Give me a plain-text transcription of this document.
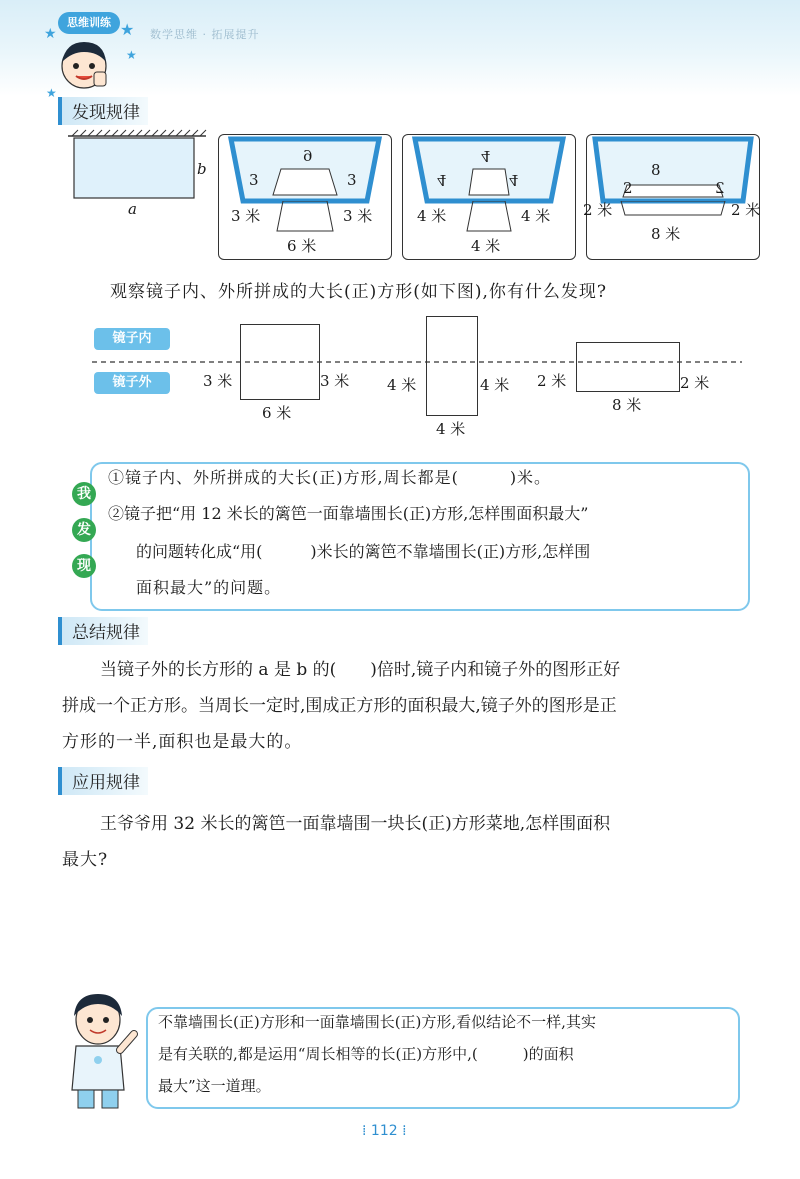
思维训练
数学思维 · 拓展提升
★	★
★
★
发现规律
b
a
6
3	3
3 米	3 米
6 米
4
4	4
4 米	4 米
4 米
8
2	2
2 米	2 米
8 米
观察镜子内、外所拼成的大长(正)方形(如下图),你有什么发现?
镜子内
镜子外	3 米	3 米
6 米
4 米	4 米
4 米
2 米	2 米
8 米
我
发
现
①镜子内、外所拼成的大长(正)方形,周长都是(　　　)米。
②镜子把“用 12 米长的篱笆一面靠墙围长(正)方形,怎样围面积最大”
的问题转化成“用(　　　)米长的篱笆不靠墙围长(正)方形,怎样围
面积最大”的问题。
总结规律
当镜子外的长方形的 a 是 b 的(　　)倍时,镜子内和镜子外的图形正好
拼成一个正方形。当周长一定时,围成正方形的面积最大,镜子外的图形是正
方形的一半,面积也是最大的。
应用规律
王爷爷用 32 米长的篱笆一面靠墙围一块长(正)方形菜地,怎样围面积
最大?
不靠墙围长(正)方形和一面靠墙围长(正)方形,看似结论不一样,其实
是有关联的,都是运用“周长相等的长(正)方形中,(　　　)的面积
最大”这一道理。
⁞ 112 ⁞
